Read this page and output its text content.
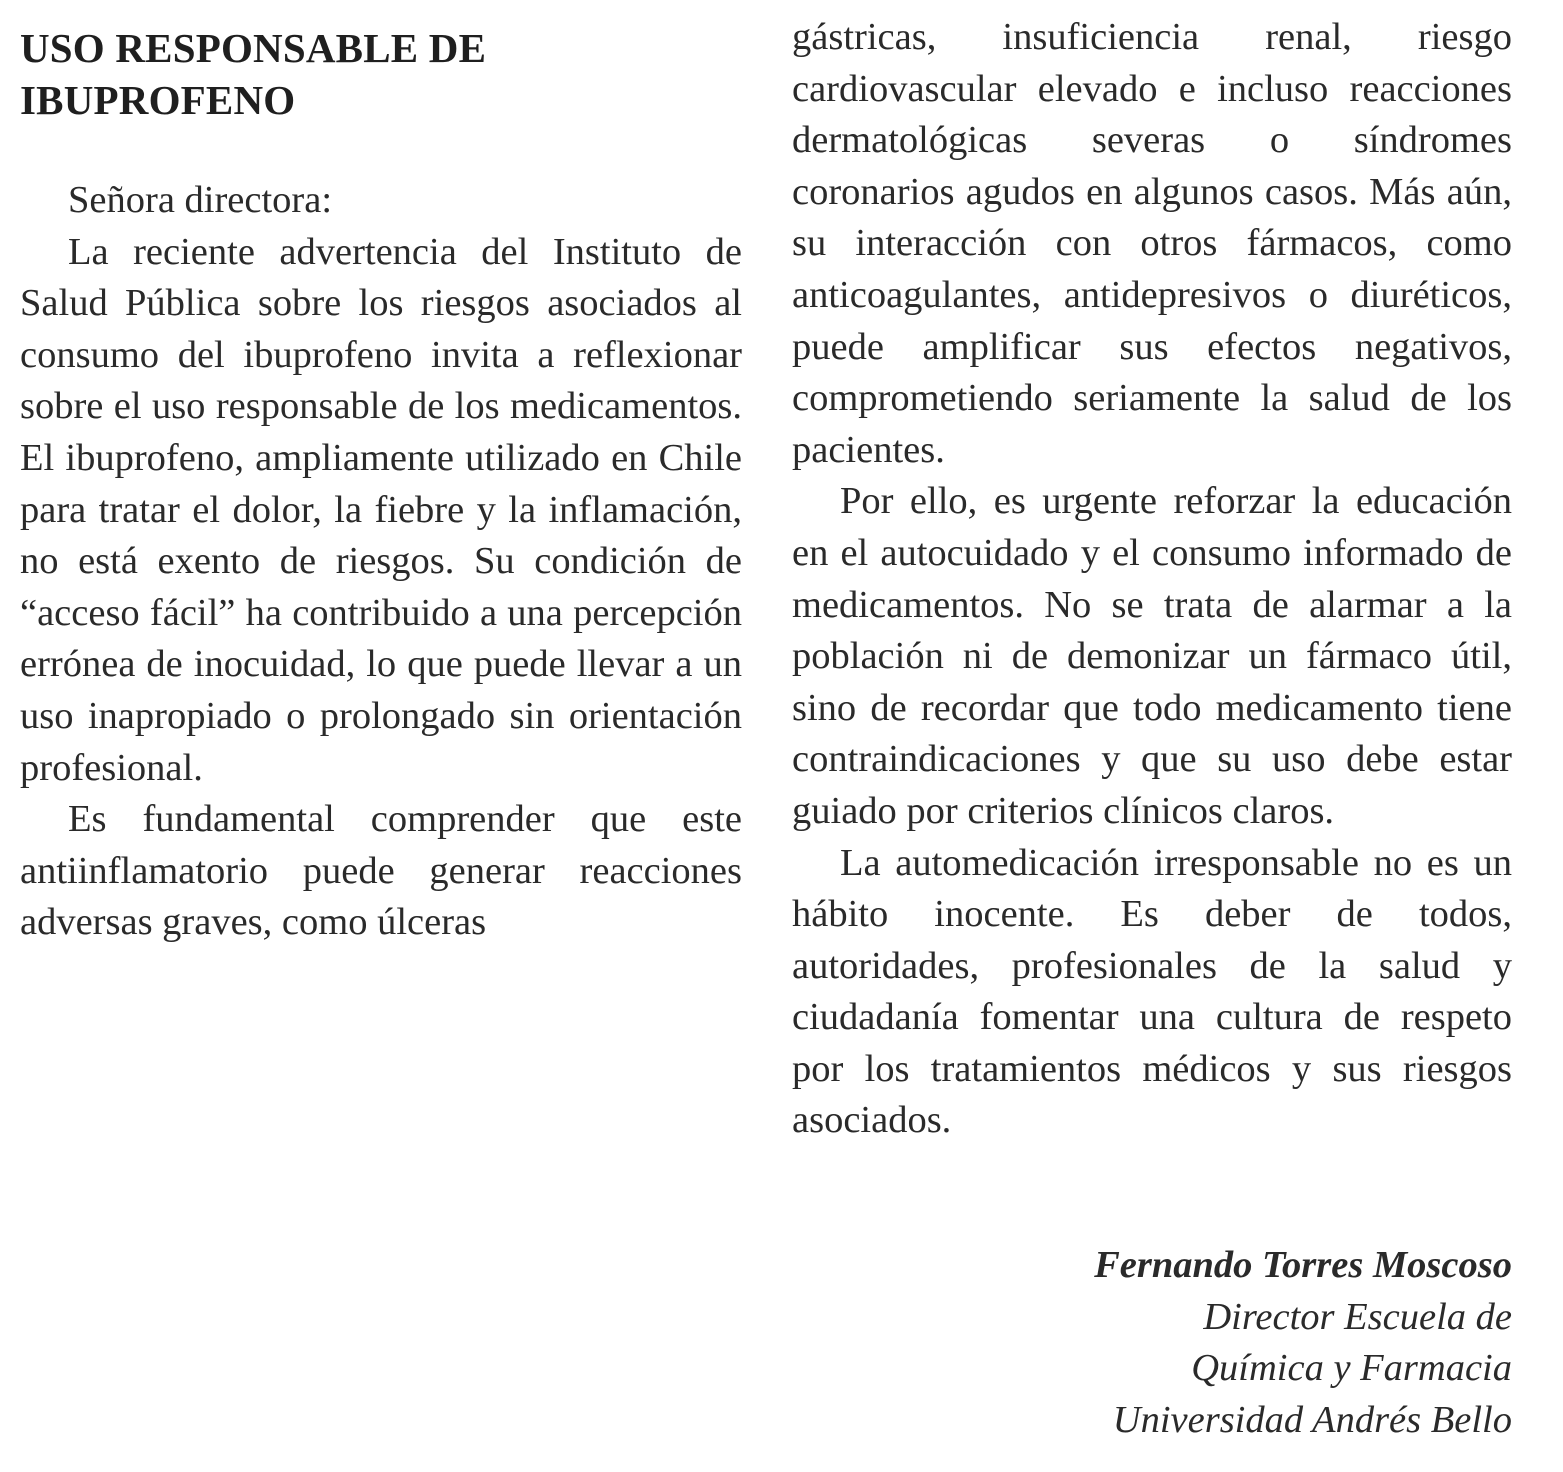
USO RESPONSABLE DE
IBUPROFENO

Señora directora:

La reciente advertencia del Instituto de Salud Pública sobre los riesgos asociados al consumo del ibuprofeno invita a reflexionar sobre el uso responsable de los medicamentos. El ibuprofeno, ampliamente utilizado en Chile para tratar el dolor, la fiebre y la inflamación, no está exento de riesgos. Su condición de “acceso fácil” ha contribuido a una percepción errónea de inocuidad, lo que puede llevar a un uso inapropiado o prolongado sin orientación profesional.

Es fundamental comprender que este antiinflamatorio puede generar reacciones adversas graves, como úlceras

gástricas, insuficiencia renal, riesgo cardiovascular elevado e incluso reacciones dermatológicas severas o síndromes coronarios agudos en algunos casos. Más aún, su interacción con otros fármacos, como anticoagulantes, antidepresivos o diuréticos, puede amplificar sus efectos negativos, comprometiendo seriamente la salud de los pacientes.

Por ello, es urgente reforzar la educación en el autocuidado y el consumo informado de medicamentos. No se trata de alarmar a la población ni de demonizar un fármaco útil, sino de recordar que todo medicamento tiene contraindicaciones y que su uso debe estar guiado por criterios clínicos claros.

La automedicación irresponsable no es un hábito inocente. Es deber de todos, autoridades, profesionales de la salud y ciudadanía fomentar una cultura de respeto por los tratamientos médicos y sus riesgos asociados.

Fernando Torres Moscoso
Director Escuela de
Química y Farmacia
Universidad Andrés Bello
